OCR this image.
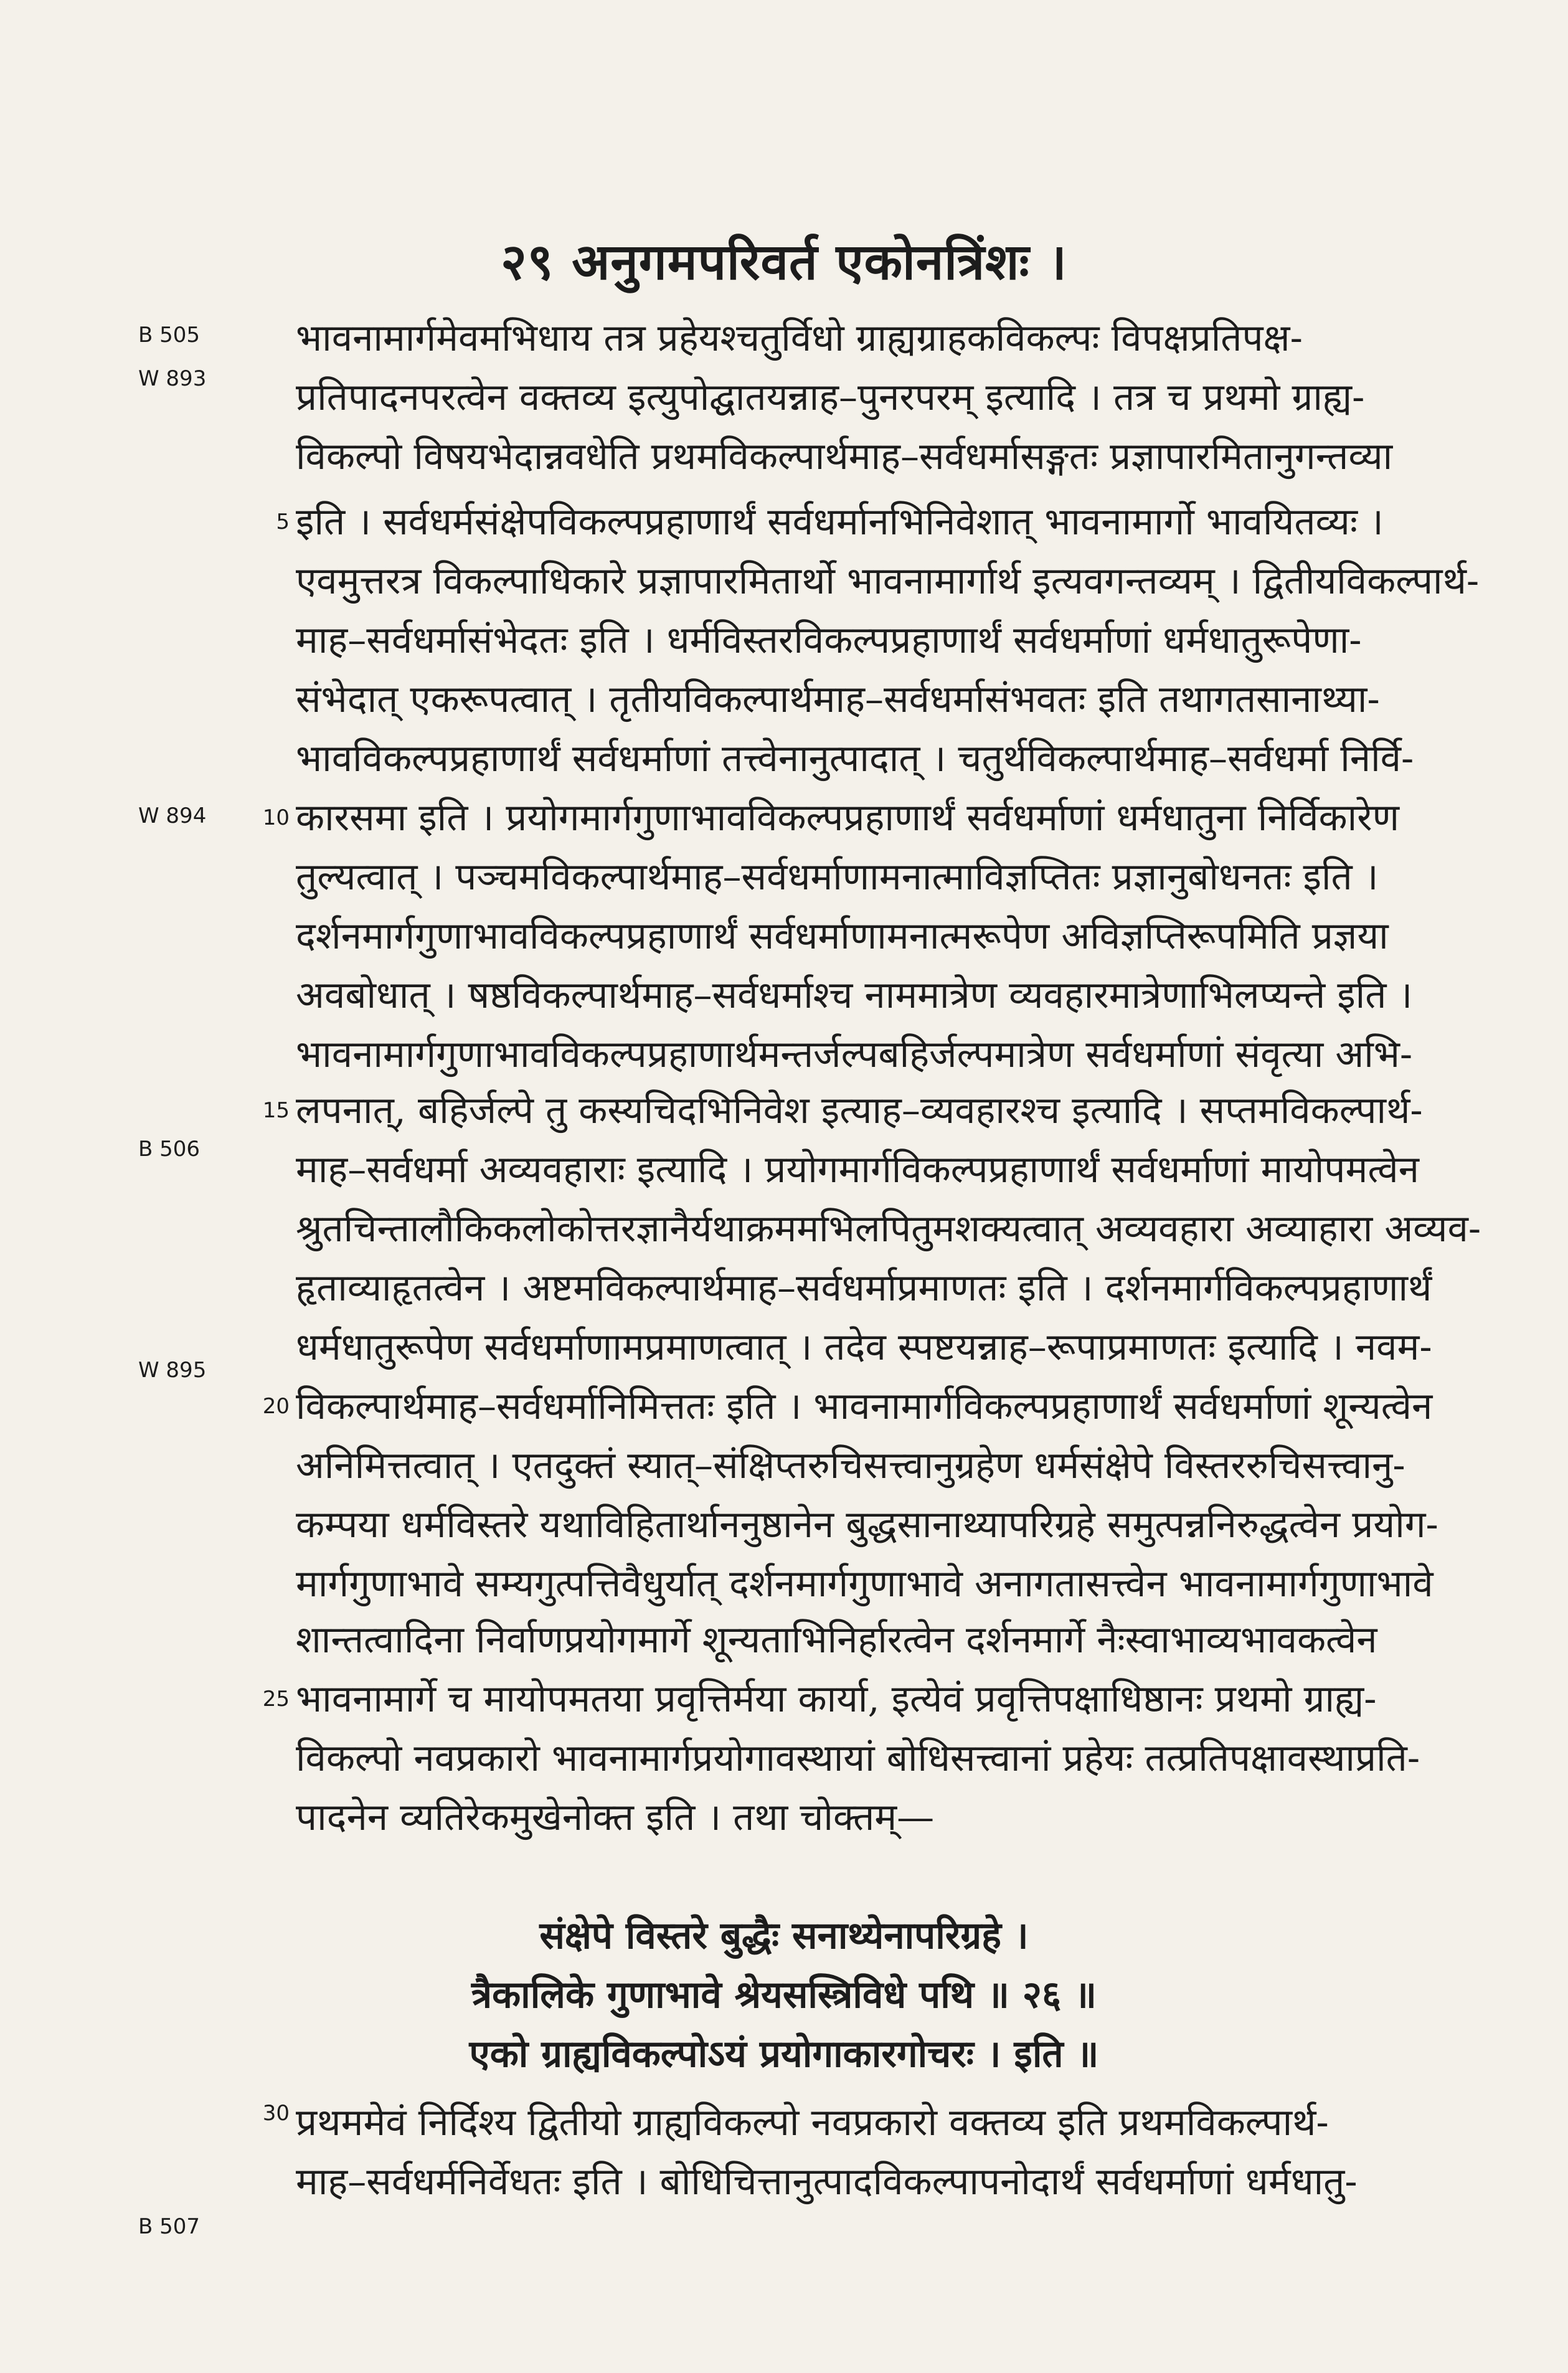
२९ अनुगमपरिवर्त एकोनत्रिंशः ।
B 505
W 893
W 894
B 506
W 895
B 507
5
10
15
20
25
30
भावनामार्गमेवमभिधाय तत्र प्रहेयश्चतुर्विधो ग्राह्यग्राहकविकल्पः विपक्षप्रतिपक्ष-
प्रतिपादनपरत्वेन वक्तव्य इत्युपोद्घातयन्नाह–पुनरपरम् इत्यादि । तत्र च प्रथमो ग्राह्य-
विकल्पो विषयभेदान्नवधेति प्रथमविकल्पार्थमाह–सर्वधर्मासङ्गतः प्रज्ञापारमितानुगन्तव्या
इति । सर्वधर्मसंक्षेपविकल्पप्रहाणार्थं सर्वधर्मानभिनिवेशात् भावनामार्गो भावयितव्यः ।
एवमुत्तरत्र विकल्पाधिकारे प्रज्ञापारमितार्थो भावनामार्गार्थ इत्यवगन्तव्यम् । द्वितीयविकल्पार्थ-
माह–सर्वधर्मासंभेदतः इति । धर्मविस्तरविकल्पप्रहाणार्थं सर्वधर्माणां धर्मधातुरूपेणा-
संभेदात् एकरूपत्वात् । तृतीयविकल्पार्थमाह–सर्वधर्मासंभवतः इति तथागतसानाथ्या-
भावविकल्पप्रहाणार्थं सर्वधर्माणां तत्त्वेनानुत्पादात् । चतुर्थविकल्पार्थमाह–सर्वधर्मा निर्वि-
कारसमा इति । प्रयोगमार्गगुणाभावविकल्पप्रहाणार्थं सर्वधर्माणां धर्मधातुना निर्विकारेण
तुल्यत्वात् । पञ्चमविकल्पार्थमाह–सर्वधर्माणामनात्माविज्ञप्तितः प्रज्ञानुबोधनतः इति ।
दर्शनमार्गगुणाभावविकल्पप्रहाणार्थं सर्वधर्माणामनात्मरूपेण अविज्ञप्तिरूपमिति प्रज्ञया
अवबोधात् । षष्ठविकल्पार्थमाह–सर्वधर्माश्च नाममात्रेण व्यवहारमात्रेणाभिलप्यन्ते इति ।
भावनामार्गगुणाभावविकल्पप्रहाणार्थमन्तर्जल्पबहिर्जल्पमात्रेण सर्वधर्माणां संवृत्या अभि-
लपनात्, बहिर्जल्पे तु कस्यचिदभिनिवेश इत्याह–व्यवहारश्च इत्यादि । सप्तमविकल्पार्थ-
माह–सर्वधर्मा अव्यवहाराः इत्यादि । प्रयोगमार्गविकल्पप्रहाणार्थं सर्वधर्माणां मायोपमत्वेन
श्रुतचिन्तालौकिकलोकोत्तरज्ञानैर्यथाक्रममभिलपितुमशक्यत्वात् अव्यवहारा अव्याहारा अव्यव-
हृताव्याहृतत्वेन । अष्टमविकल्पार्थमाह–सर्वधर्माप्रमाणतः इति । दर्शनमार्गविकल्पप्रहाणार्थं
धर्मधातुरूपेण सर्वधर्माणामप्रमाणत्वात् । तदेव स्पष्टयन्नाह–रूपाप्रमाणतः इत्यादि । नवम-
विकल्पार्थमाह–सर्वधर्मानिमित्ततः इति । भावनामार्गविकल्पप्रहाणार्थं सर्वधर्माणां शून्यत्वेन
अनिमित्तत्वात् । एतदुक्तं स्यात्–संक्षिप्तरुचिसत्त्वानुग्रहेण धर्मसंक्षेपे विस्तररुचिसत्त्वानु-
कम्पया धर्मविस्तरे यथाविहितार्थाननुष्ठानेन बुद्धसानाथ्यापरिग्रहे समुत्पन्ननिरुद्धत्वेन प्रयोग-
मार्गगुणाभावे सम्यगुत्पत्तिवैधुर्यात् दर्शनमार्गगुणाभावे अनागतासत्त्वेन भावनामार्गगुणाभावे
शान्तत्वादिना निर्वाणप्रयोगमार्गे शून्यताभिनिर्हारत्वेन दर्शनमार्गे नैःस्वाभाव्यभावकत्वेन
भावनामार्गे च मायोपमतया प्रवृत्तिर्मया कार्या, इत्येवं प्रवृत्तिपक्षाधिष्ठानः प्रथमो ग्राह्य-
विकल्पो नवप्रकारो भावनामार्गप्रयोगावस्थायां बोधिसत्त्वानां प्रहेयः तत्प्रतिपक्षावस्थाप्रति-
पादनेन व्यतिरेकमुखेनोक्त इति । तथा चोक्तम्—
संक्षेपे विस्तरे बुद्धैः सनाथ्येनापरिग्रहे ।
त्रैकालिके गुणाभावे श्रेयसस्त्रिविधे पथि ॥ २६ ॥
एको ग्राह्यविकल्पोऽयं प्रयोगाकारगोचरः । इति ॥
प्रथममेवं निर्दिश्य द्वितीयो ग्राह्यविकल्पो नवप्रकारो वक्तव्य इति प्रथमविकल्पार्थ-
माह–सर्वधर्मनिर्वेधतः इति । बोधिचित्तानुत्पादविकल्पापनोदार्थं सर्वधर्माणां धर्मधातु-
